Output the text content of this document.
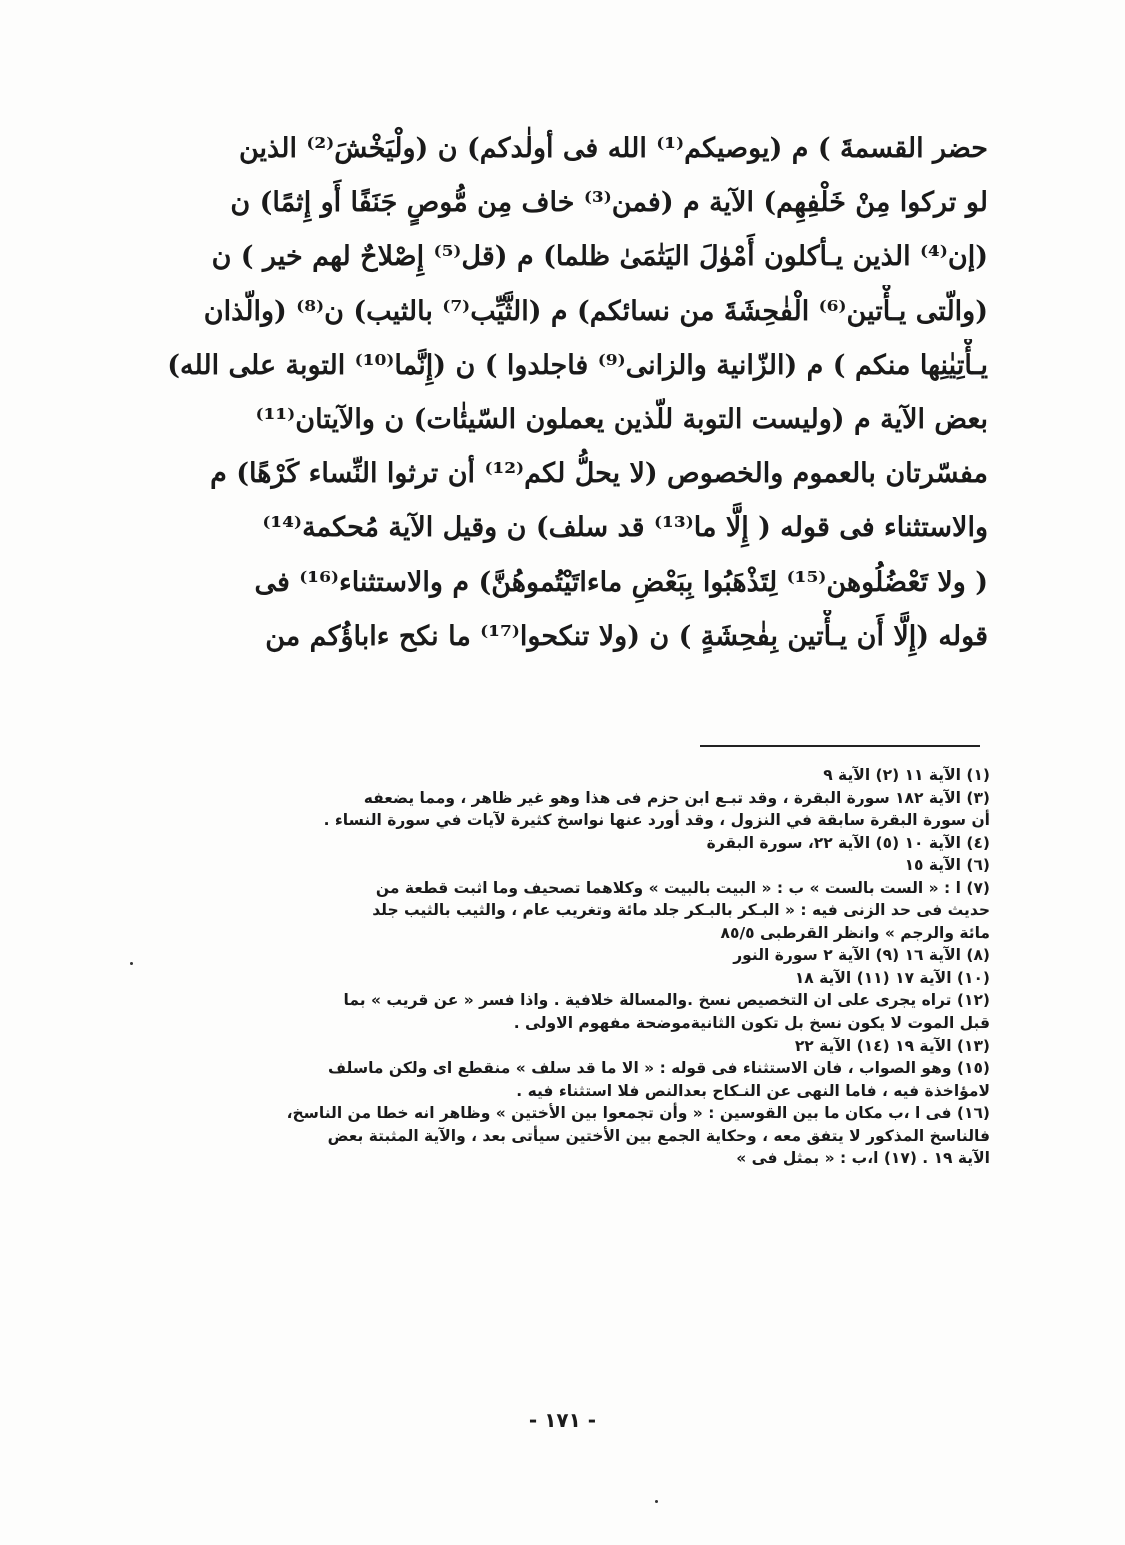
حضر القسمةَ ) م (يوصيكم⁽¹⁾ الله فى أولٰدكم) ن (ولْيَخْشَ⁽²⁾ الذين
لو تركوا مِنْ خَلْفِهِم) الآية م (فمن⁽³⁾ خاف مِن مُّوصٍ جَنَفًا أَو إِثمًا) ن
(إن⁽⁴⁾ الذين يـأكلون أَمْوٰلَ اليَتٰمَىٰ ظلما) م (قل⁽⁵⁾ إِصْلاحٌ لهم خير ) ن
(والّتى يـأْتين⁽⁶⁾ الْفٰحِشَةَ من نسائكم) م (الثَّيِّب⁽⁷⁾ بالثيب) ن⁽⁸⁾ (والّذان
يـأْتِيٰنِها منكم ) م (الزّانية والزانى⁽⁹⁾ فاجلدوا ) ن (إِنَّما⁽¹⁰⁾ التوبة على الله)
بعض الآية م (وليست التوبة للّذين يعملون السّيئٰات) ن والآيتان⁽¹¹⁾
مفسّرتان بالعموم والخصوص (لا يحلُّ لكم⁽¹²⁾ أن ترثوا النِّساء كَرْهًا) م
والاستثناء فى قوله ( إِلَّا ما⁽¹³⁾ قد سلف) ن وقيل الآية مُحكمة⁽¹⁴⁾
( ولا تَعْضُلُوهن⁽¹⁵⁾ لِتَذْهَبُوا بِبَعْضِ ماءاتَيْتُموهُنَّ) م والاستثناء⁽¹⁶⁾ فى
قوله (إِلَّا أَن يـأْتين بِفٰحِشَةٍ ) ن (ولا تنكحوا⁽¹⁷⁾ ما نكح ءاباؤُكم من
(١) الآية ١١ (٢) الآية ٩
(٣) الآية ١٨٢ سورة البقرة ، وقد تبـع ابن حزم فى هذا وهو غير ظاهر ، ومما يضعفه
أن سورة البقرة سابقة في النزول ، وقد أورد عنها نواسخ كثيرة لآيات في سورة النساء .
(٤) الآية ١٠ (٥) الآية ٢٢، سورة البقرة
(٦) الآية ١٥
(٧) ا : « الست بالست » ب : « البيت بالبيت » وكلاهما تصحيف وما اثبت قطعة من
حديث فى حد الزنى فيه : « البـكر بالبـكر جلد مائة وتغريب عام ، والثيب بالثيب جلد
مائة والرجم » وانظر القرطبى ٨٥/٥
(٨) الآية ١٦ (٩) الآية ٢ سورة النور
(١٠) الآية ١٧ (١١) الآية ١٨
(١٢) تراه يجرى على ان التخصيص نسخ .والمسالة خلافية . واذا فسر « عن قريب » بما
قبل الموت لا يكون نسخ بل تكون الثانيةموضحة مفهوم الاولى .
(١٣) الآية ١٩ (١٤) الآية ٢٢
(١٥) وهو الصواب ، فان الاستثناء فى قوله : « الا ما قد سلف » منقطع اى ولكن ماسلف
لامؤاخذة فيه ، فاما النهى عن النـكاح بعدالنص فلا استثناء فيه .
(١٦) فى ا ،ب مكان ما بين القوسين : « وأن تجمعوا بين الأختين » وظاهر انه خطا من الناسخ،
فالناسخ المذكور لا يتفق معه ، وحكاية الجمع بين الأختين سيأتى بعد ، والآية المثبتة بعض
الآية ١٩ . (١٧) ا،ب : « بمثل فى »
- ١٧١ -
